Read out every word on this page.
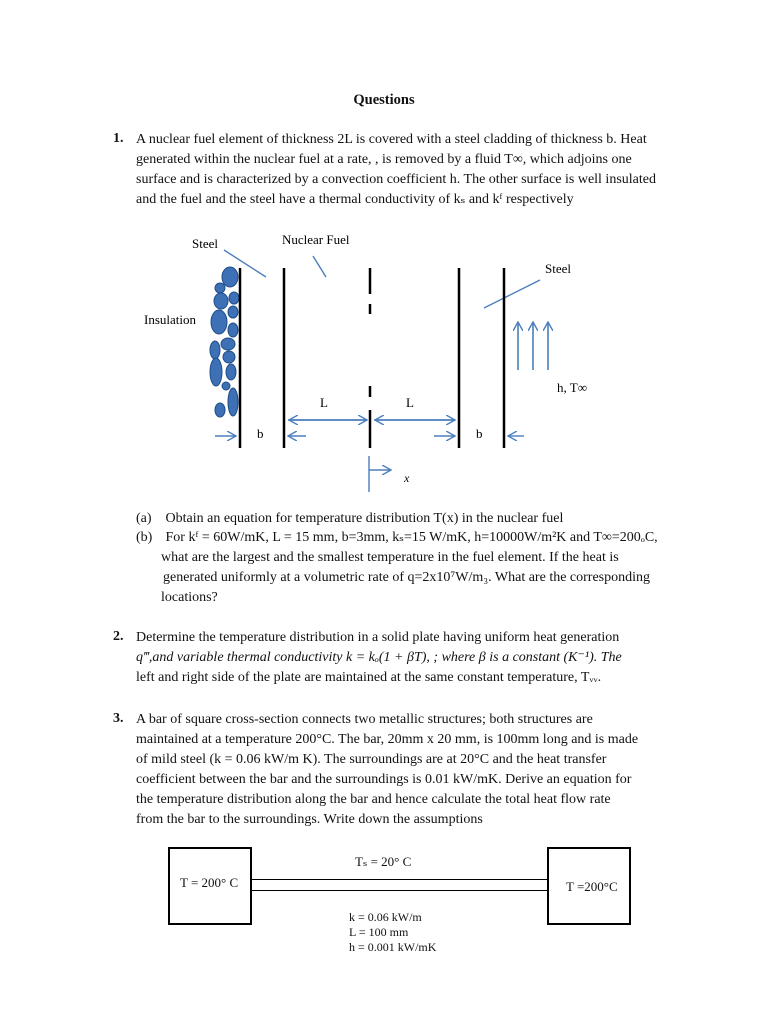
Questions
1. A nuclear fuel element of thickness 2L is covered with a steel cladding of thickness b. Heat
generated within the nuclear fuel at a rate, , is removed by a fluid T∞, which adjoins one
surface and is characterized by a convection coefficient h. The other surface is well insulated
and the fuel and the steel have a thermal conductivity of kₛ and kᶠ respectively
Steel	Nuclear Fuel
Steel
Insulation
h, T∞
L	L
b	b
x
(a) Obtain an equation for temperature distribution T(x) in the nuclear fuel
(b) For kᶠ = 60W/mK, L = 15 mm, b=3mm, kₛ=15 W/mK, h=10000W/m²K and T∞=200ₒC,
what are the largest and the smallest temperature in the fuel element. If the heat is
generated uniformly at a volumetric rate of q=2x10⁷W/m₃. What are the corresponding
locations?
2. Determine the temperature distribution in a solid plate having uniform heat generation
q‴,and variable thermal conductivity k = kₒ(1 + βT), ; where β is a constant (K⁻¹). The
left and right side of the plate are maintained at the same constant temperature, Tᵥᵥ.
3. A bar of square cross-section connects two metallic structures; both structures are
maintained at a temperature 200°C. The bar, 20mm x 20 mm, is 100mm long and is made
of mild steel (k = 0.06 kW/m K). The surroundings are at 20°C and the heat transfer
coefficient between the bar and the surroundings is 0.01 kW/mK. Derive an equation for
the temperature distribution along the bar and hence calculate the total heat flow rate
from the bar to the surroundings. Write down the assumptions
T = 200° C	T =200°C
Tₛ = 20° C
k = 0.06 kW/m
L = 100 mm
h = 0.001 kW/mK
